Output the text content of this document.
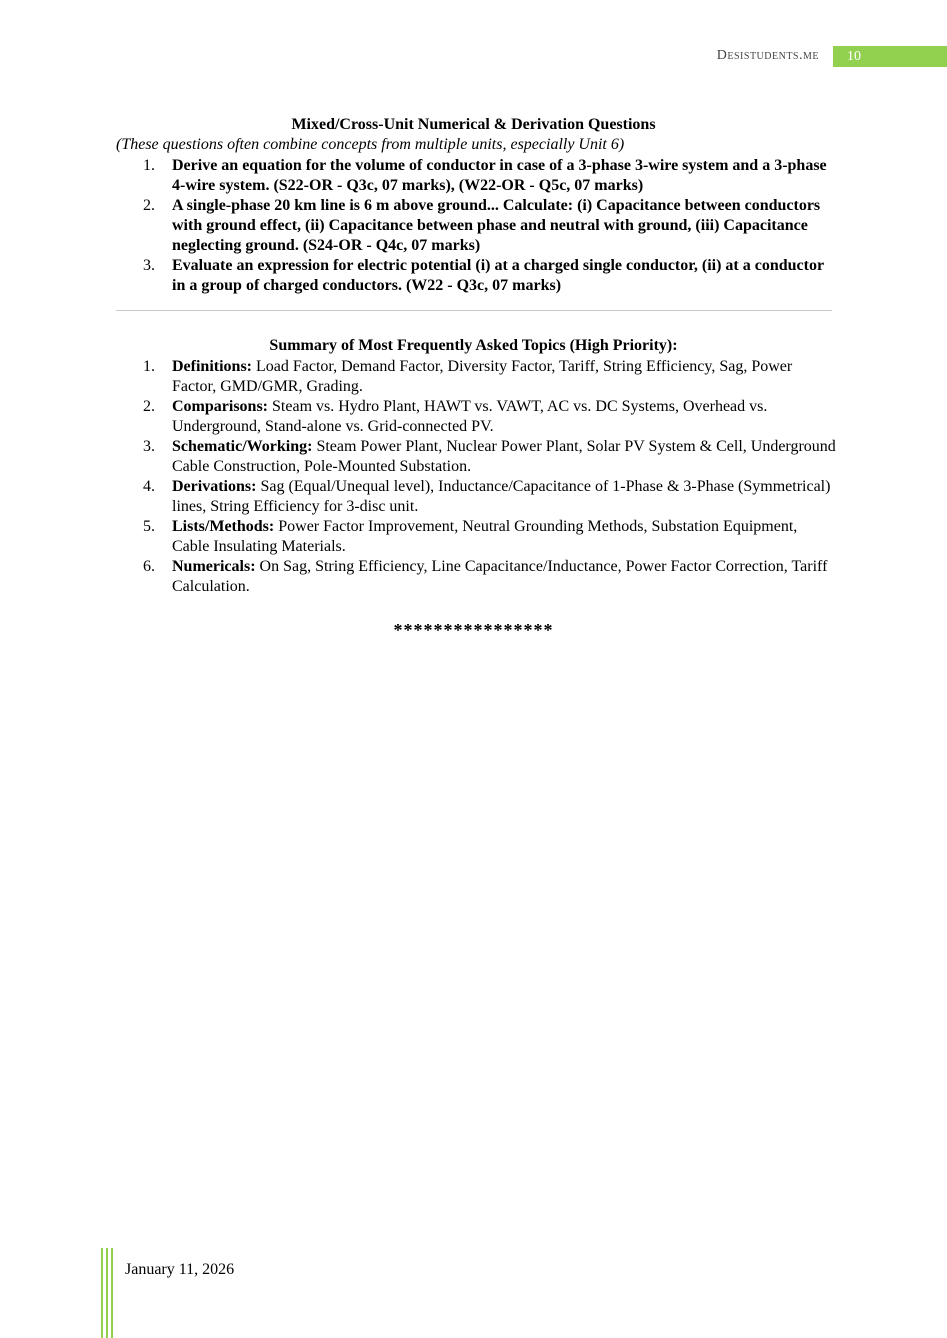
Desistudents.me	10
Mixed/Cross-Unit Numerical & Derivation Questions
(These questions often combine concepts from multiple units, especially Unit 6)
1. Derive an equation for the volume of conductor in case of a 3-phase 3-wire system and a 3-phase 4-wire system. (S22-OR - Q3c, 07 marks), (W22-OR - Q5c, 07 marks)
2. A single-phase 20 km line is 6 m above ground... Calculate: (i) Capacitance between conductors with ground effect, (ii) Capacitance between phase and neutral with ground, (iii) Capacitance neglecting ground. (S24-OR - Q4c, 07 marks)
3. Evaluate an expression for electric potential (i) at a charged single conductor, (ii) at a conductor in a group of charged conductors. (W22 - Q3c, 07 marks)
Summary of Most Frequently Asked Topics (High Priority):
1. Definitions: Load Factor, Demand Factor, Diversity Factor, Tariff, String Efficiency, Sag, Power Factor, GMD/GMR, Grading.
2. Comparisons: Steam vs. Hydro Plant, HAWT vs. VAWT, AC vs. DC Systems, Overhead vs. Underground, Stand-alone vs. Grid-connected PV.
3. Schematic/Working: Steam Power Plant, Nuclear Power Plant, Solar PV System & Cell, Underground Cable Construction, Pole-Mounted Substation.
4. Derivations: Sag (Equal/Unequal level), Inductance/Capacitance of 1-Phase & 3-Phase (Symmetrical) lines, String Efficiency for 3-disc unit.
5. Lists/Methods: Power Factor Improvement, Neutral Grounding Methods, Substation Equipment, Cable Insulating Materials.
6. Numericals: On Sag, String Efficiency, Line Capacitance/Inductance, Power Factor Correction, Tariff Calculation.
****************
January 11, 2026
